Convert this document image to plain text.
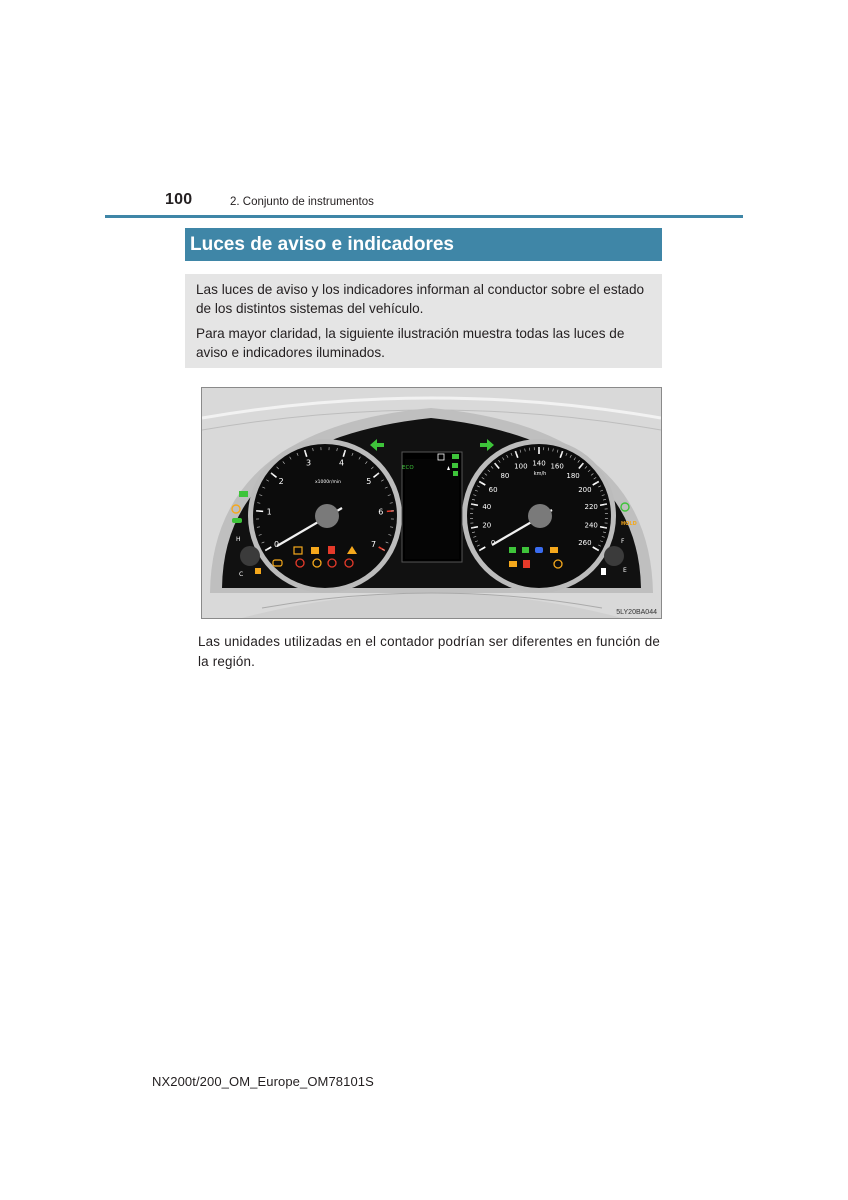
100	2. Conjunto de instrumentos
Luces de aviso e indicadores

Las luces de aviso y los indicadores informan al conductor sobre el estado de los distintos sistemas del vehículo.

Para mayor claridad, la siguiente ilustración muestra todas las luces de aviso e indicadores iluminados.

0
1
2
3	4
5
6
7
x1000r/min
0
20
40
60
80
100 140 160
180
200
220
240
260
km/h
ECO
H
C
HOLD
F
E
5LY20BA044
Las unidades utilizadas en el contador podrían ser diferentes en función de la región.
NX200t/200_OM_Europe_OM78101S
